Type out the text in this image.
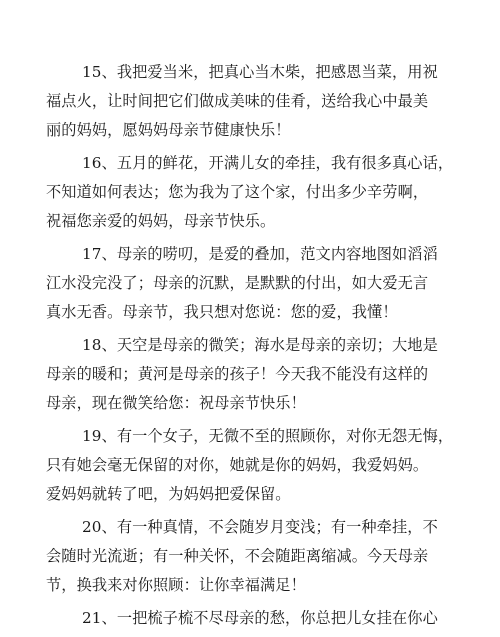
15、我把爱当米，把真心当木柴，把感恩当菜，用祝
福点火，让时间把它们做成美味的佳肴，送给我心中最美
丽的妈妈，愿妈妈母亲节健康快乐！

16、五月的鲜花，开满儿女的牵挂，我有很多真心话，
不知道如何表达；您为我为了这个家，付出多少辛劳啊，
祝福您亲爱的妈妈，母亲节快乐。

17、母亲的唠叨，是爱的叠加，范文内容地图如滔滔
江水没完没了；母亲的沉默，是默默的付出，如大爱无言
真水无香。母亲节，我只想对您说：您的爱，我懂！

18、天空是母亲的微笑；海水是母亲的亲切；大地是
母亲的暖和；黄河是母亲的孩子！今天我不能没有这样的
母亲，现在微笑给您：祝母亲节快乐！

19、有一个女子，无微不至的照顾你，对你无怨无悔，
只有她会毫无保留的对你，她就是你的妈妈，我爱妈妈。
爱妈妈就转了吧，为妈妈把爱保留。

20、有一种真情，不会随岁月变浅；有一种牵挂，不
会随时光流逝；有一种关怀，不会随距离缩减。今天母亲
节，换我来对你照顾：让你幸福满足！

21、一把梳子梳不尽母亲的愁，你总把儿女挂在你心
